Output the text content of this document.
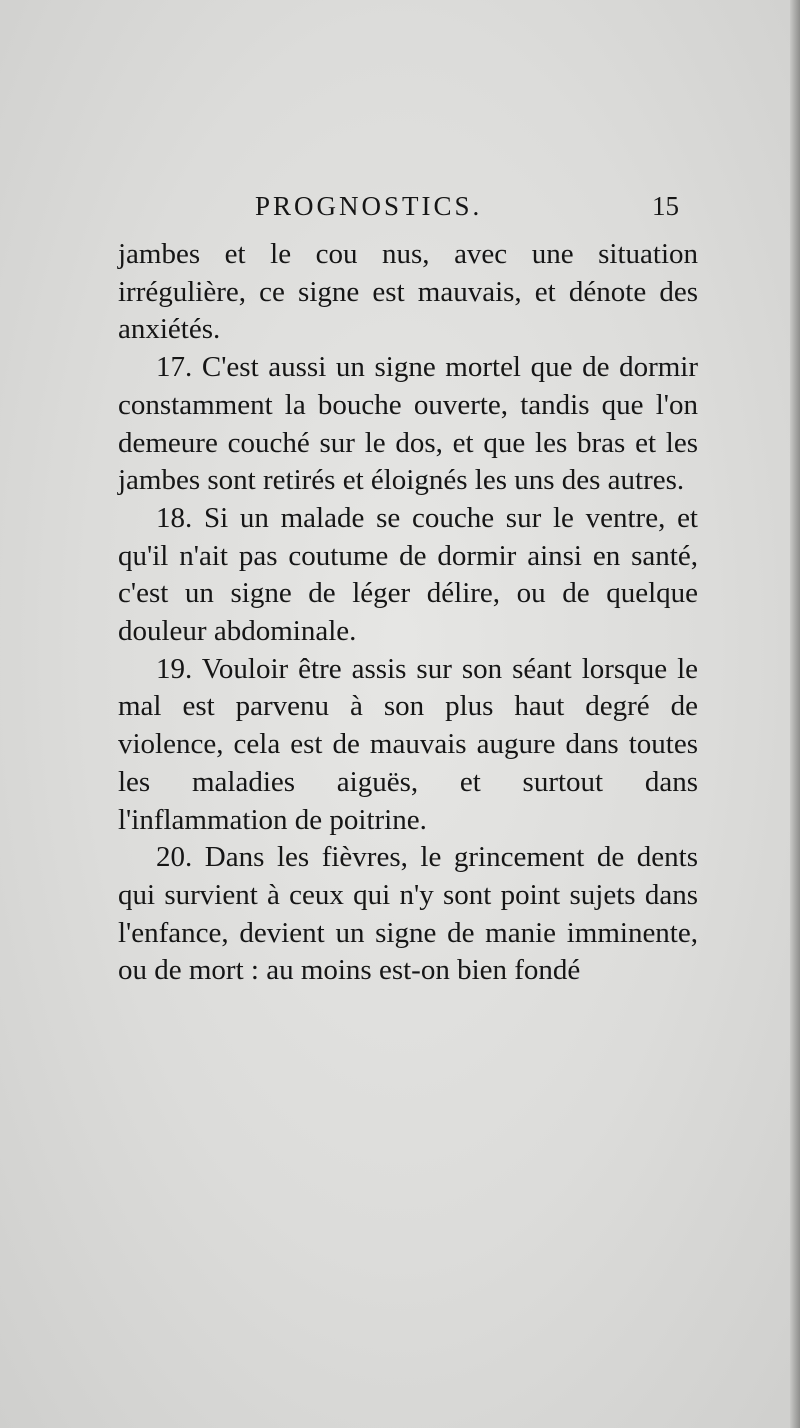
PROGNOSTICS.	15

jambes et le cou nus, avec une situation irrégulière, ce signe est mauvais, et dénote des anxiétés.

17. C'est aussi un signe mortel que de dormir constamment la bouche ouverte, tandis que l'on demeure couché sur le dos, et que les bras et les jambes sont retirés et éloignés les uns des autres.

18. Si un malade se couche sur le ventre, et qu'il n'ait pas coutume de dormir ainsi en santé, c'est un signe de léger délire, ou de quelque douleur abdominale.

19. Vouloir être assis sur son séant lorsque le mal est parvenu à son plus haut degré de violence, cela est de mauvais augure dans toutes les maladies aiguës, et surtout dans l'inflammation de poitrine.

20. Dans les fièvres, le grincement de dents qui survient à ceux qui n'y sont point sujets dans l'enfance, devient un signe de manie imminente, ou de mort : au moins est-on bien fondé
